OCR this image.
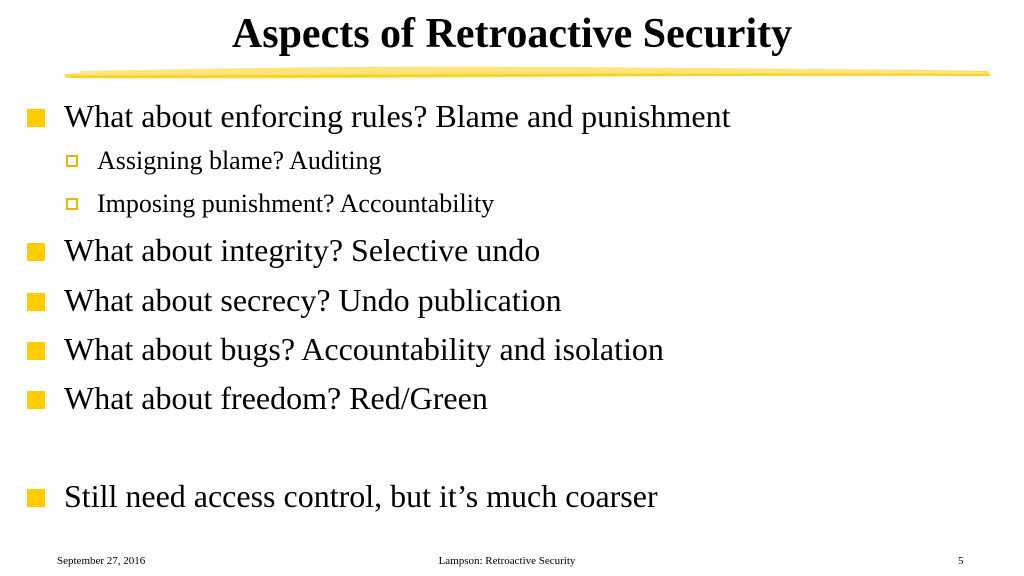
Aspects of Retroactive Security
What about enforcing rules? Blame and punishment
Assigning blame? Auditing
Imposing punishment? Accountability
What about integrity? Selective undo
What about secrecy? Undo publication
What about bugs? Accountability and isolation
What about freedom? Red/Green
Still need access control, but it’s much coarser
September 27, 2016	Lampson: Retroactive Security	5
